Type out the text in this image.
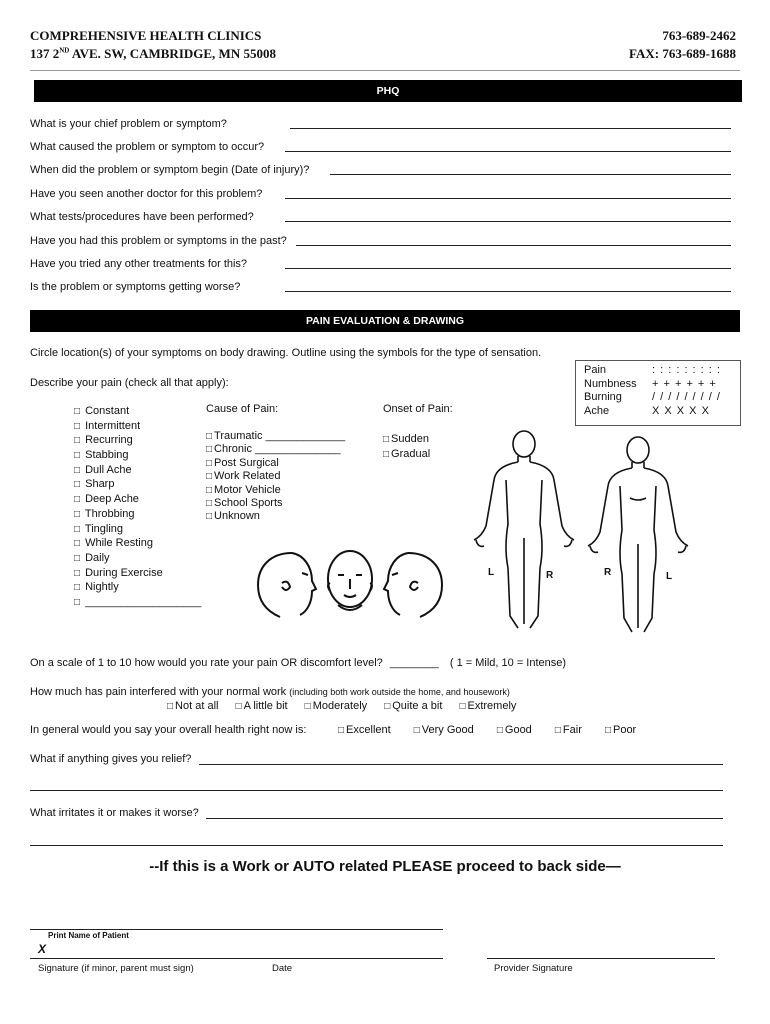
COMPREHENSIVE HEALTH CLINICS
137 2ND AVE. SW, CAMBRIDGE, MN 55008
763-689-2462
FAX: 763-689-1688
PHQ
What is your chief problem or symptom?
What caused the problem or symptom to occur?
When did the problem or symptom begin (Date of injury)?
Have you seen another doctor for this problem?
What tests/procedures have been performed?
Have you had this problem or symptoms in the past?
Have you tried any other treatments for this?
Is the problem or symptoms getting worse?
PAIN EVALUATION & DRAWING
Circle location(s) of your symptoms on body drawing. Outline using the symbols for the type of sensation.
Describe your pain (check all that apply):
Pain	: : : : : : : : :
Numbness	+ + + + + +
Burning	/ / / / / / / / /
Ache	X X X X X
□ Constant
□ Intermittent
□ Recurring
□ Stabbing
□ Dull Ache
□ Sharp
□ Deep Ache
□ Throbbing
□ Tingling
□ While Resting
□ Daily
□ During Exercise
□ Nightly
□ ___________________
Cause of Pain:
□ Traumatic _____________
□ Chronic ______________
□ Post Surgical
□ Work Related
□ Motor Vehicle
□ School Sports
□ Unknown
Onset of Pain:
□ Sudden
□ Gradual
L	R	R	L
On a scale of 1 to 10 how would you rate your pain OR discomfort level? ________ ( 1 = Mild, 10 = Intense)
How much has pain interfered with your normal work (including both work outside the home, and housework)
□ Not at all □ A little bit □ Moderately □ Quite a bit □ Extremely
In general would you say your overall health right now is:	□ Excellent □ Very Good □ Good □ Fair □ Poor
What if anything gives you relief?
What irritates it or makes it worse?
--If this is a Work or AUTO related PLEASE proceed to back side—
Print Name of Patient
X
Signature (if minor, parent must sign)	Date	Provider Signature
